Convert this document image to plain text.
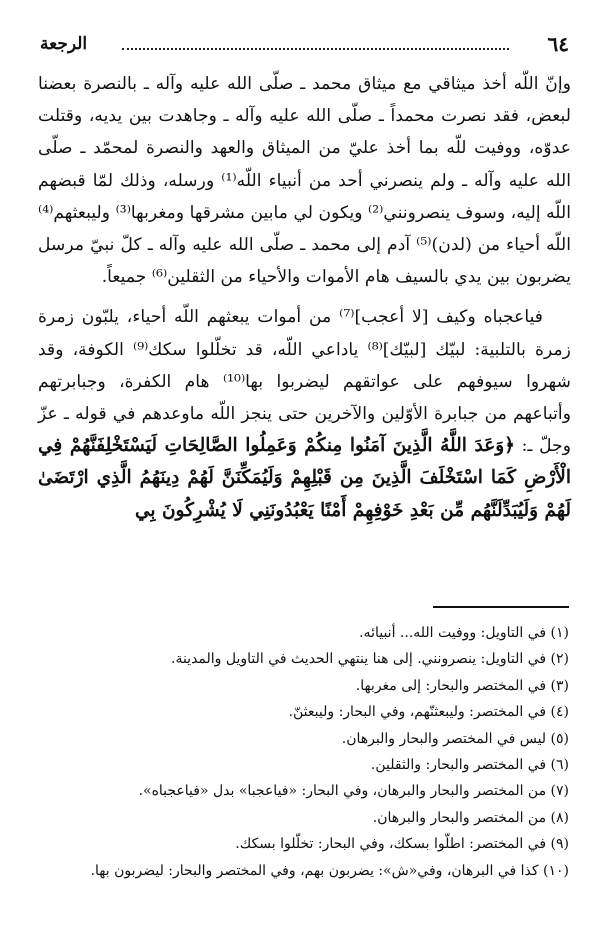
٦٤
الرجعة

وإنّ اللّه أخذ ميثاقي مع ميثاق محمد ـ صلّى الله عليه وآله ـ بالنصرة بعضنا لبعض، فقد نصرت محمداً ـ صلّى الله عليه وآله ـ وجاهدت بين يديه، وقتلت عدوّه، ووفيت للّه بما أخذ عليّ من الميثاق والعهد والنصرة لمحمّد ـ صلّى الله عليه وآله ـ ولم ينصرني أحد من أنبياء اللّه⁽¹⁾ ورسله، وذلك لمّا قبضهم اللّه إليه، وسوف ينصرونني⁽²⁾ ويكون لي مابين مشرقها ومغربها⁽³⁾ وليبعثهم⁽⁴⁾ اللّه أحياء من (لدن)⁽⁵⁾ آدم إلى محمد ـ صلّى الله عليه وآله ـ كلّ نبيّ مرسل يضربون بين يدي بالسيف هام الأموات والأحياء من الثقلين⁽⁶⁾ جميعاً.

فياعجباه وكيف [لا أعجب]⁽⁷⁾ من أموات يبعثهم اللّه أحياء، يلبّون زمرة زمرة بالتلبية: لبيّك [لبيّك]⁽⁸⁾ ياداعي اللّه، قد تخلّلوا سكك⁽⁹⁾ الكوفة، وقد شهروا سيوفهم على عواتقهم ليضربوا بها⁽¹⁰⁾ هام الكفرة، وجبابرتهم وأتباعهم من جبابرة الأوّلين والآخرين حتى ينجز اللّه ماوعدهم في قوله ـ عزّ وجلّ ـ: ﴿وَعَدَ اللَّهُ الَّذِينَ آمَنُوا مِنكُمْ وَعَمِلُوا الصَّالِحَاتِ لَيَسْتَخْلِفَنَّهُمْ فِي الْأَرْضِ كَمَا اسْتَخْلَفَ الَّذِينَ مِن قَبْلِهِمْ وَلَيُمَكِّنَنَّ لَهُمْ دِينَهُمُ الَّذِي ارْتَضَىٰ لَهُمْ وَلَيُبَدِّلَنَّهُم مِّن بَعْدِ خَوْفِهِمْ أَمْنًا يَعْبُدُونَنِي لَا يُشْرِكُونَ بِي

(١) في التاويل: ووفيت الله... أنبيائه.
(٢) في التاويل: ينصرونني. إلى هنا ينتهي الحديث في التاويل والمدينة.
(٣) في المختصر والبحار: إلى مغربها.
(٤) في المختصر: وليبعثنّهم، وفي البحار: وليبعثنّ.
(٥) ليس في المختصر والبحار والبرهان.
(٦) في المختصر والبحار: والثقلين.
(٧) من المختصر والبحار والبرهان، وفي البحار: «فياعجبا» بدل «فياعجباه».
(٨) من المختصر والبحار والبرهان.
(٩) في المختصر: اطلّوا بسكك، وفي البحار: تخلّلوا بسكك.
(١٠) كذا في البرهان، وفي«ش»: يضربون بهم، وفي المختصر والبحار: ليضربون بها.
